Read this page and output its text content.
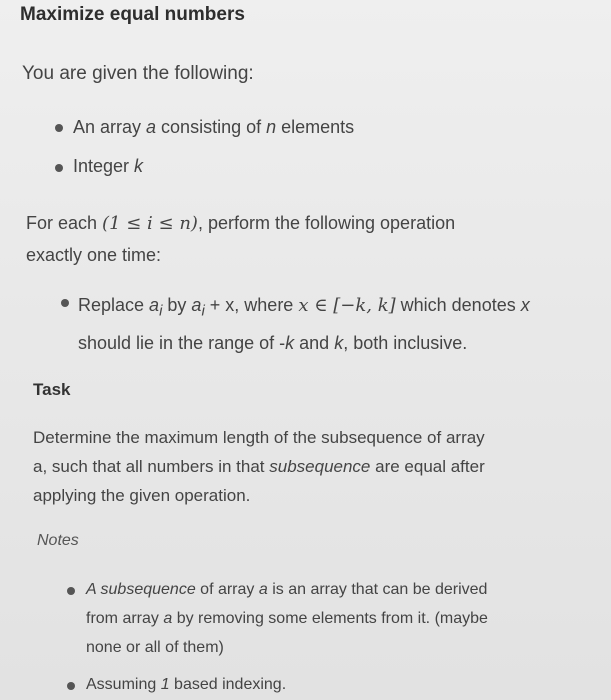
Maximize equal numbers
You are given the following:
An array a consisting of n elements
Integer k
For each (1 ≤ i ≤ n), perform the following operation
exactly one time:
Replace $a_i$ by $a_i + x$, where x ∈ [−k, k] which denotes x
should lie in the range of -k and k, both inclusive.
Task
Determine the maximum length of the subsequence of array
a, such that all numbers in that subsequence are equal after
applying the given operation.
Notes
A subsequence of array a is an array that can be derived
from array a by removing some elements from it. (maybe
none or all of them)
Assuming 1 based indexing.
